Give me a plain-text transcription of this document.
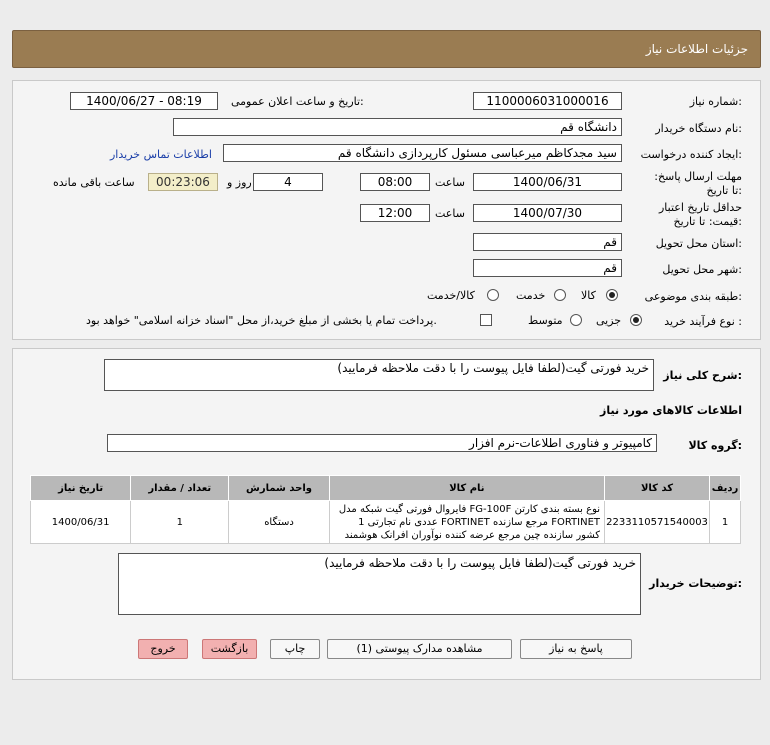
جزئیات اطلاعات نیاز
شماره نیاز:
1100006031000016
تاریخ و ساعت اعلان عمومی:
1400/06/27 - 08:19
نام دستگاه خریدار:
دانشگاه قم
ایجاد کننده درخواست:
سید مجدکاظم میرعباسی مسئول کارپردازی دانشگاه قم
اطلاعات تماس خریدار
مهلت ارسال پاسخ: تا تاریخ:
1400/06/31
ساعت
08:00
4
روز و
00:23:06
ساعت باقی مانده
حداقل تاریخ اعتبار قیمت: تا تاریخ:
1400/07/30
ساعت
12:00
استان محل تحویل:
قم
شهر محل تحویل:
قم
طبقه بندی موضوعی:
کالا
خدمت
کالا/خدمت
نوع فرآیند خرید :
جزیی
متوسط
پرداخت تمام یا بخشی از مبلغ خرید،از محل "اسناد خزانه اسلامی" خواهد بود.
شرح کلی نیاز:
خرید فورتی گیت(لطفا فایل پیوست را با دقت ملاحظه فرمایید)
اطلاعات کالاهای مورد نیاز
گروه کالا:
کامپیوتر و فناوری اطلاعات-نرم افزار
تاریخ نیاز	تعداد / مقدار	واحد شمارش	نام کالا	کد کالا	ردیف
1400/06/31	1	دستگاه	فایروال فورتی گیت شبکه مدل FG-100F نوع بسته بندی کارتن
1 عددی نام تجارتی FORTINET مرجع سازنده FORTINET
کشور سازنده چین مرجع عرضه کننده نوآوران افرانک هوشمند	2233110571540003	1
توضیحات خریدار:
خرید فورتی گیت(لطفا فایل پیوست را با دقت ملاحظه فرمایید)
پاسخ به نیاز
مشاهده مدارک پیوستی (1)
چاپ
بازگشت
خروج
